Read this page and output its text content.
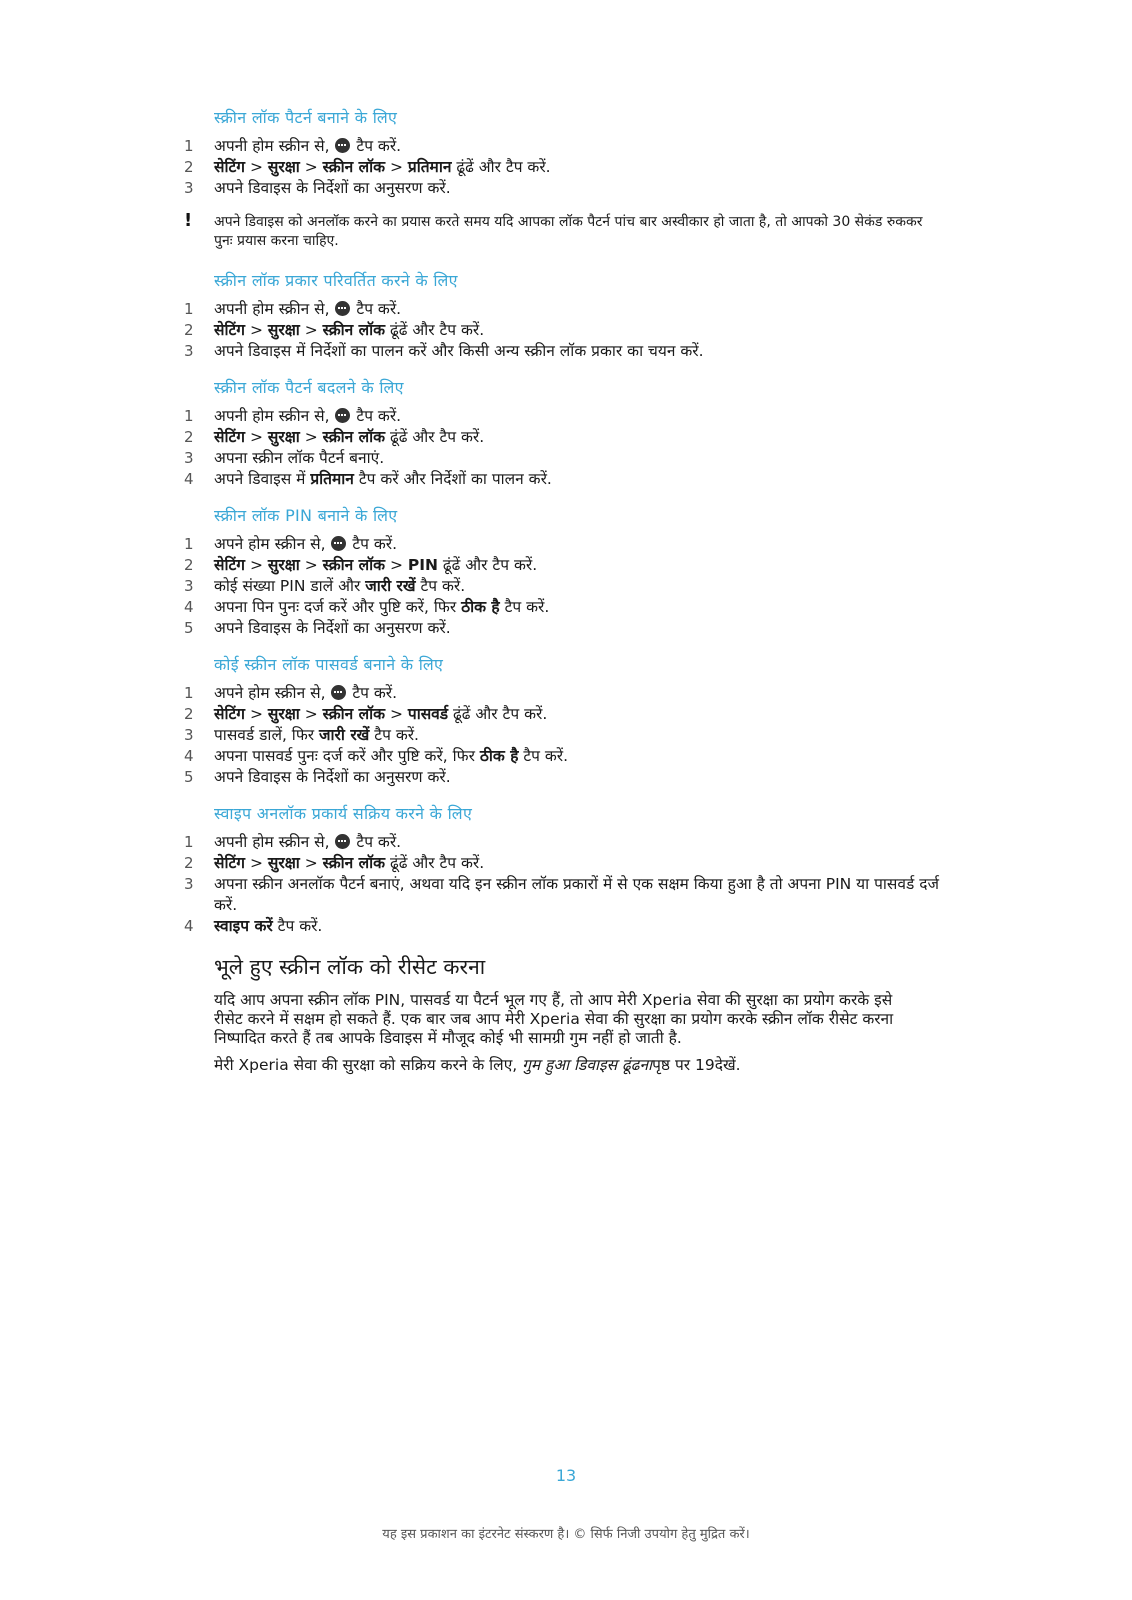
स्क्रीन लॉक पैटर्न बनाने के लिए
1	अपनी होम स्क्रीन से,  टैप करें.
2	सेटिंग > सुरक्षा > स्क्रीन लॉक > प्रतिमान ढूंढें और टैप करें.
3	अपने डिवाइस के निर्देशों का अनुसरण करें.
!	अपने डिवाइस को अनलॉक करने का प्रयास करते समय यदि आपका लॉक पैटर्न पांच बार अस्वीकार हो जाता है, तो आपको 30 सेकंड रुककर पुनः प्रयास करना चाहिए.
स्क्रीन लॉक प्रकार परिवर्तित करने के लिए
1	अपनी होम स्क्रीन से,  टैप करें.
2	सेटिंग > सुरक्षा > स्क्रीन लॉक ढूंढें और टैप करें.
3	अपने डिवाइस में निर्देशों का पालन करें और किसी अन्य स्क्रीन लॉक प्रकार का चयन करें.
स्क्रीन लॉक पैटर्न बदलने के लिए
1	अपनी होम स्क्रीन से,  टैप करें.
2	सेटिंग > सुरक्षा > स्क्रीन लॉक ढूंढें और टैप करें.
3	अपना स्क्रीन लॉक पैटर्न बनाएं.
4	अपने डिवाइस में प्रतिमान टैप करें और निर्देशों का पालन करें.
स्क्रीन लॉक PIN बनाने के लिए
1	अपने होम स्क्रीन से,  टैप करें.
2	सेटिंग > सुरक्षा > स्क्रीन लॉक > PIN ढूंढें और टैप करें.
3	कोई संख्या PIN डालें और जारी रखें टैप करें.
4	अपना पिन पुनः दर्ज करें और पुष्टि करें, फिर ठीक है टैप करें.
5	अपने डिवाइस के निर्देशों का अनुसरण करें.
कोई स्क्रीन लॉक पासवर्ड बनाने के लिए
1	अपने होम स्क्रीन से,  टैप करें.
2	सेटिंग > सुरक्षा > स्क्रीन लॉक > पासवर्ड ढूंढें और टैप करें.
3	पासवर्ड डालें, फिर जारी रखें टैप करें.
4	अपना पासवर्ड पुनः दर्ज करें और पुष्टि करें, फिर ठीक है टैप करें.
5	अपने डिवाइस के निर्देशों का अनुसरण करें.
स्वाइप अनलॉक प्रकार्य सक्रिय करने के लिए
1	अपनी होम स्क्रीन से,  टैप करें.
2	सेटिंग > सुरक्षा > स्क्रीन लॉक ढूंढें और टैप करें.
3	अपना स्क्रीन अनलॉक पैटर्न बनाएं, अथवा यदि इन स्क्रीन लॉक प्रकारों में से एक सक्षम किया हुआ है तो अपना PIN या पासवर्ड दर्ज करें.
4	स्वाइप करें टैप करें.
भूले हुए स्क्रीन लॉक को रीसेट करना

यदि आप अपना स्क्रीन लॉक PIN, पासवर्ड या पैटर्न भूल गए हैं, तो आप मेरी Xperia सेवा की सुरक्षा का प्रयोग करके इसे रीसेट करने में सक्षम हो सकते हैं. एक बार जब आप मेरी Xperia सेवा की सुरक्षा का प्रयोग करके स्क्रीन लॉक रीसेट करना निष्पादित करते हैं तब आपके डिवाइस में मौजूद कोई भी सामग्री गुम नहीं हो जाती है.

मेरी Xperia सेवा की सुरक्षा को सक्रिय करने के लिए, गुम हुआ डिवाइस ढूंढनापृष्ठ पर 19देखें.

13
यह इस प्रकाशन का इंटरनेट संस्करण है। © सिर्फ निजी उपयोग हेतु मुद्रित करें।
